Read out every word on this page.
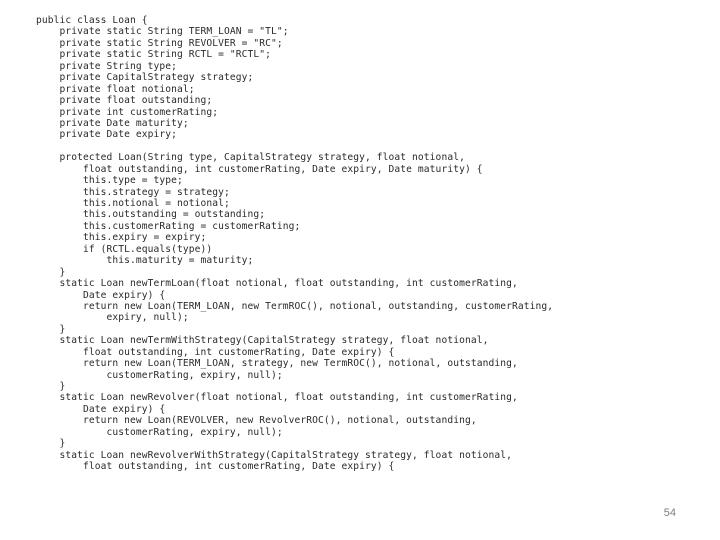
public class Loan {
private static String TERM_LOAN = "TL";
private static String REVOLVER = "RC";
private static String RCTL = "RCTL";
private String type;
private CapitalStrategy strategy;
private float notional;
private float outstanding;
private int customerRating;
private Date maturity;
private Date expiry;
protected Loan(String type, CapitalStrategy strategy, float notional,
float outstanding, int customerRating, Date expiry, Date maturity) {
this.type = type;
this.strategy = strategy;
this.notional = notional;
this.outstanding = outstanding;
this.customerRating = customerRating;
this.expiry = expiry;
if (RCTL.equals(type))
this.maturity = maturity;
}
static Loan newTermLoan(float notional, float outstanding, int customerRating,
Date expiry) {
return new Loan(TERM_LOAN, new TermROC(), notional, outstanding, customerRating,
expiry, null);
}
static Loan newTermWithStrategy(CapitalStrategy strategy, float notional,
float outstanding, int customerRating, Date expiry) {
return new Loan(TERM_LOAN, strategy, new TermROC(), notional, outstanding,
customerRating, expiry, null);
}
static Loan newRevolver(float notional, float outstanding, int customerRating,
Date expiry) {
return new Loan(REVOLVER, new RevolverROC(), notional, outstanding,
customerRating, expiry, null);
}
static Loan newRevolverWithStrategy(CapitalStrategy strategy, float notional,
float outstanding, int customerRating, Date expiry) {
54
